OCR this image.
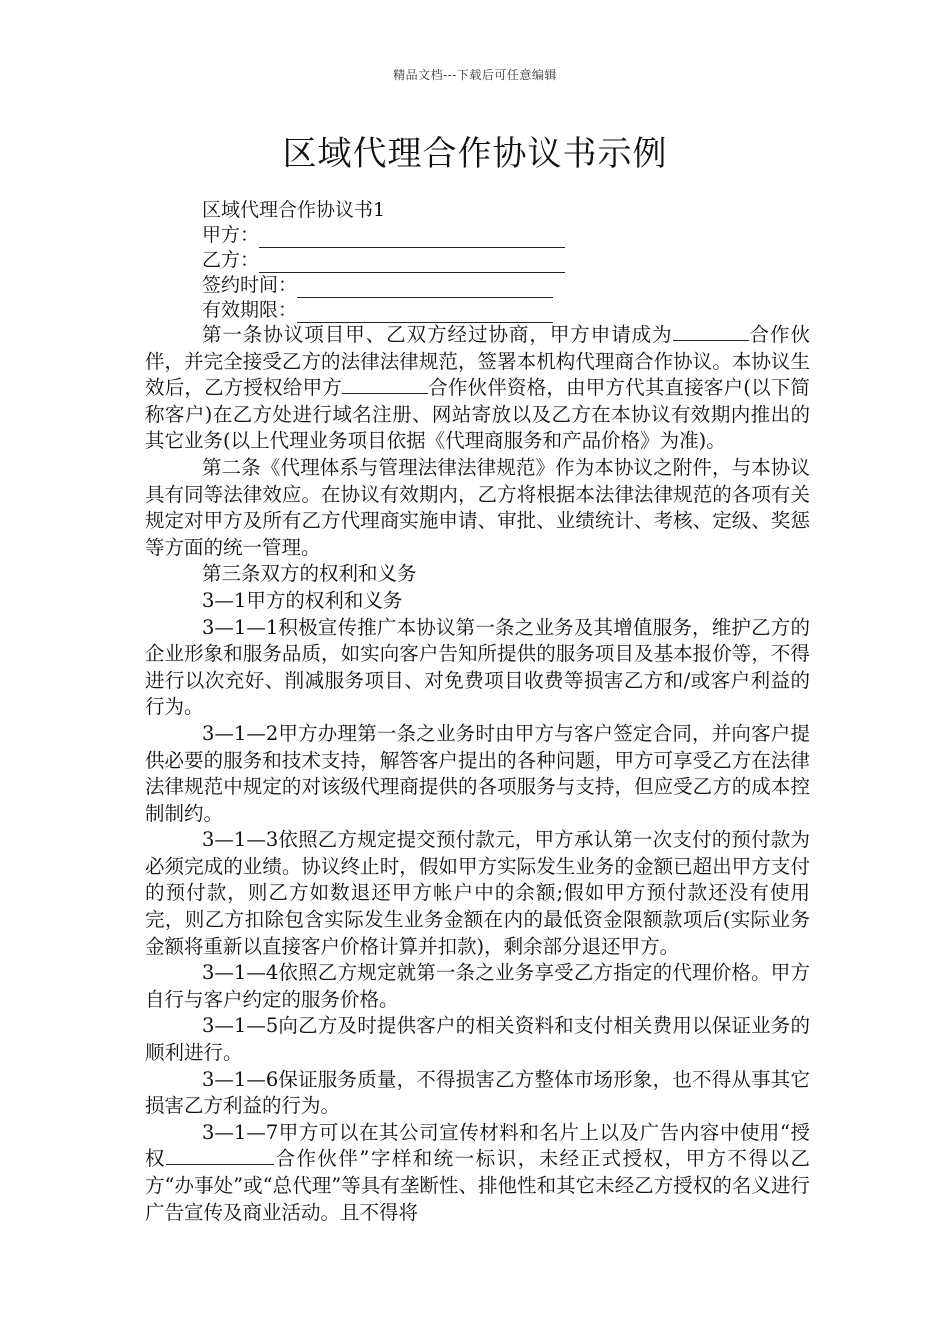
精品文档---下载后可任意编辑
区域代理合作协议书示例
区域代理合作协议书1
甲方：
乙方：
签约时间：
有效期限：

第一条协议项目甲、乙双方经过协商，甲方申请成为	合作伙伴，并完全接受乙方的法律法律规范，签署本机构代理商合作协议。本协议生效后，乙方授权给甲方	合作伙伴资格，由甲方代其直接客户(以下简称客户)在乙方处进行域名注册、网站寄放以及乙方在本协议有效期内推出的其它业务(以上代理业务项目依据《代理商服务和产品价格》为准)。

第二条《代理体系与管理法律法律规范》作为本协议之附件，与本协议具有同等法律效应。在协议有效期内，乙方将根据本法律法律规范的各项有关规定对甲方及所有乙方代理商实施申请、审批、业绩统计、考核、定级、奖惩等方面的统一管理。

第三条双方的权利和义务

3—1甲方的权利和义务

3—1—1积极宣传推广本协议第一条之业务及其增值服务，维护乙方的企业形象和服务品质，如实向客户告知所提供的服务项目及基本报价等，不得进行以次充好、削减服务项目、对免费项目收费等损害乙方和/或客户利益的行为。

3—1—2甲方办理第一条之业务时由甲方与客户签定合同，并向客户提供必要的服务和技术支持，解答客户提出的各种问题，甲方可享受乙方在法律法律规范中规定的对该级代理商提供的各项服务与支持，但应受乙方的成本控制制约。

3—1—3依照乙方规定提交预付款元，甲方承认第一次支付的预付款为必须完成的业绩。协议终止时，假如甲方实际发生业务的金额已超出甲方支付的预付款，则乙方如数退还甲方帐户中的余额;假如甲方预付款还没有使用完，则乙方扣除包含实际发生业务金额在内的最低资金限额款项后(实际业务金额将重新以直接客户价格计算并扣款)，剩余部分退还甲方。

3—1—4依照乙方规定就第一条之业务享受乙方指定的代理价格。甲方自行与客户约定的服务价格。

3—1—5向乙方及时提供客户的相关资料和支付相关费用以保证业务的顺利进行。

3—1—6保证服务质量，不得损害乙方整体市场形象，也不得从事其它损害乙方利益的行为。

3—1—7甲方可以在其公司宣传材料和名片上以及广告内容中使用“授权	合作伙伴”字样和统一标识，未经正式授权，甲方不得以乙方“办事处”或“总代理”等具有垄断性、排他性和其它未经乙方授权的名义进行广告宣传及商业活动。且不得将
